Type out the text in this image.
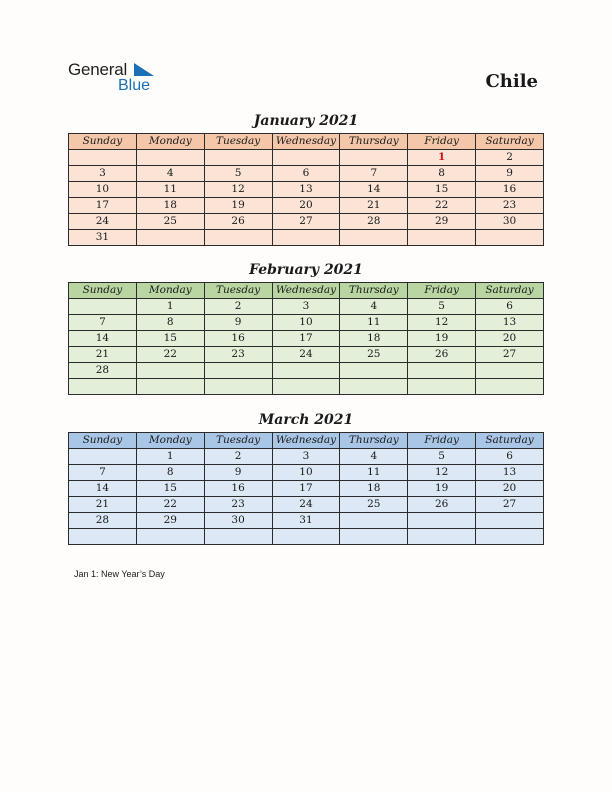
General
Blue	Chile
January 2021
Sunday	Monday	Tuesday	Wednesday	Thursday	Friday	Saturday
					1	2
3	4	5	6	7	8	9
10	11	12	13	14	15	16
17	18	19	20	21	22	23
24	25	26	27	28	29	30
31						
February 2021
Sunday	Monday	Tuesday	Wednesday	Thursday	Friday	Saturday
	1	2	3	4	5	6
7	8	9	10	11	12	13
14	15	16	17	18	19	20
21	22	23	24	25	26	27
28						

March 2021
Sunday	Monday	Tuesday	Wednesday	Thursday	Friday	Saturday
	1	2	3	4	5	6
7	8	9	10	11	12	13
14	15	16	17	18	19	20
21	22	23	24	25	26	27
28	29	30	31			

Jan 1: New Year’s Day
